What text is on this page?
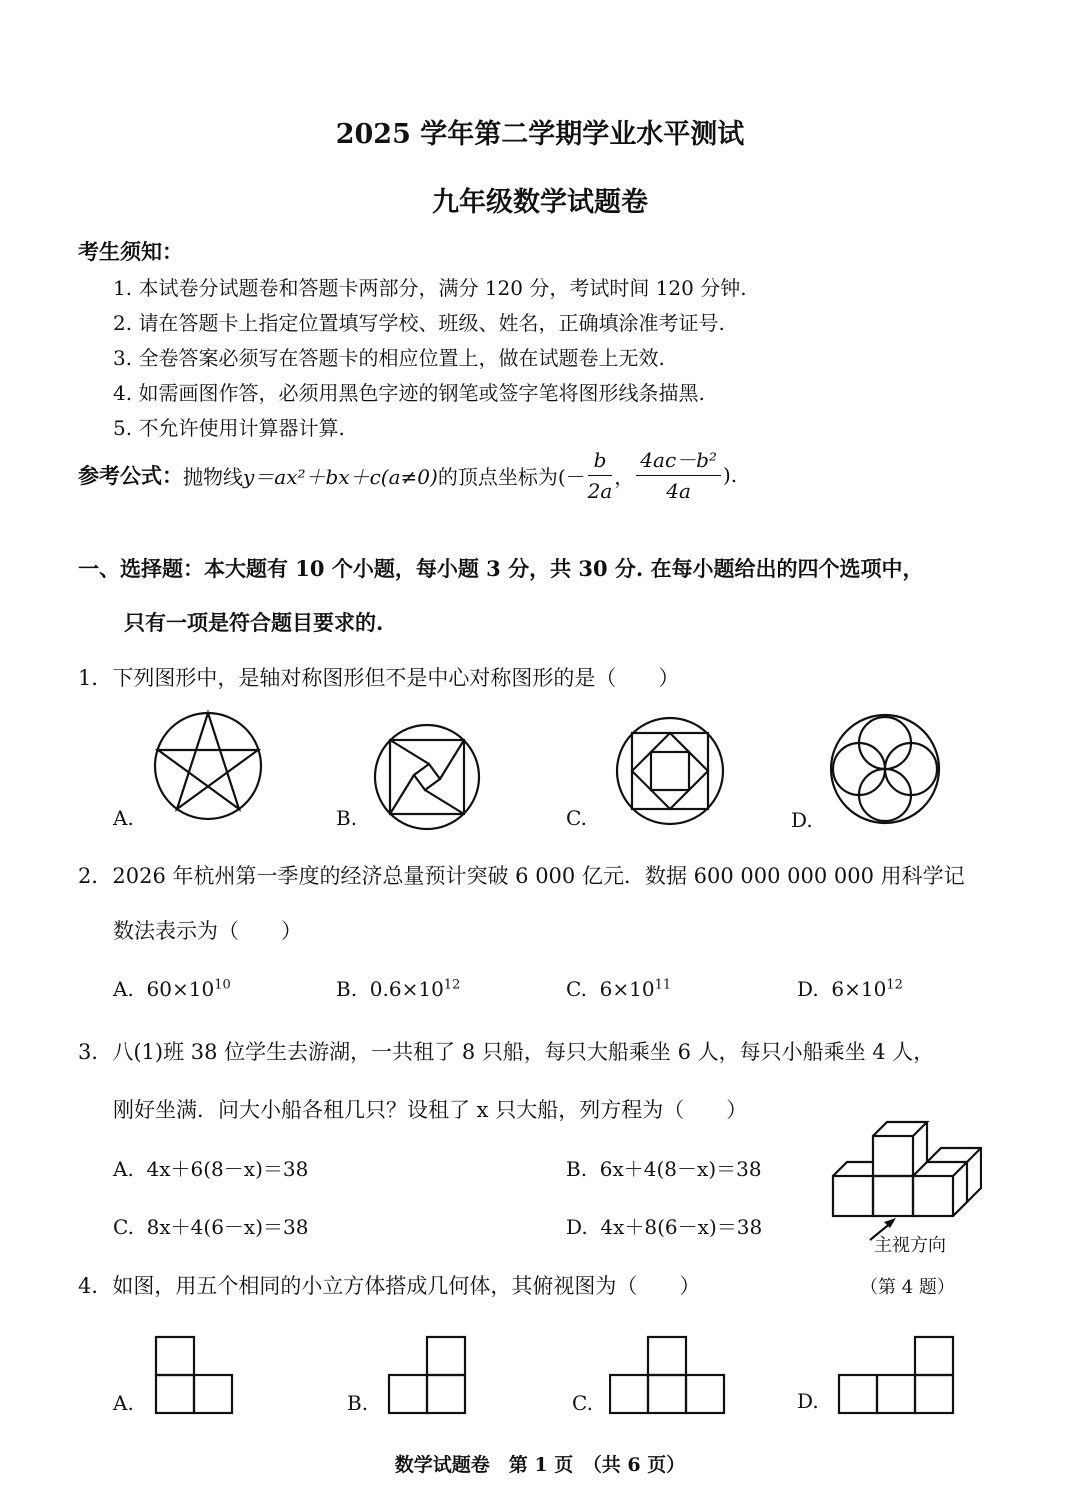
2025 学年第二学期学业水平测试
九年级数学试题卷
考生须知：
1. 本试卷分试题卷和答题卡两部分，满分 120 分，考试时间 120 分钟.
2. 请在答题卡上指定位置填写学校、班级、姓名，正确填涂准考证号.
3. 全卷答案必须写在答题卡的相应位置上，做在试题卷上无效.
4. 如需画图作答，必须用黑色字迹的钢笔或签字笔将图形线条描黑.
5. 不允许使用计算器计算.
参考公式： 抛物线 y＝ax²＋bx＋c(a≠0) 的顶点坐标为(－ $\frac{b}{2a}$ ， $\frac{\text{4ac－b²}}{4a}$ ).
一、选择题：本大题有 10 个小题，每小题 3 分，共 30 分. 在每小题给出的四个选项中，
只有一项是符合题目要求的.
1．下列图形中，是轴对称图形但不是中心对称图形的是（　　）
A.	B.	C.	D.
2．2026 年杭州第一季度的经济总量预计突破 6 000 亿元．数据 600 000 000 000 用科学记
数法表示为（　　）
A. $60\times 10^{10}$	B. $0.6\times 10^{12}$	C. $6\times 10^{11}$	D. $6\times 10^{12}$
3．八(1)班 38 位学生去游湖，一共租了 8 只船，每只大船乘坐 6 人，每只小船乘坐 4 人，
刚好坐满．问大小船各租几只？设租了 x 只大船，列方程为（　　）
A. 4x＋6(8－x)＝38	B. 6x＋4(8－x)＝38
C. 8x＋4(6－x)＝38	D. 4x＋8(6－x)＝38
主视方向
（第 4 题）
4．如图，用五个相同的小立方体搭成几何体，其俯视图为（　　）
A.	B.	C.	D.
数学试题卷　第 1 页　（共 6 页）
